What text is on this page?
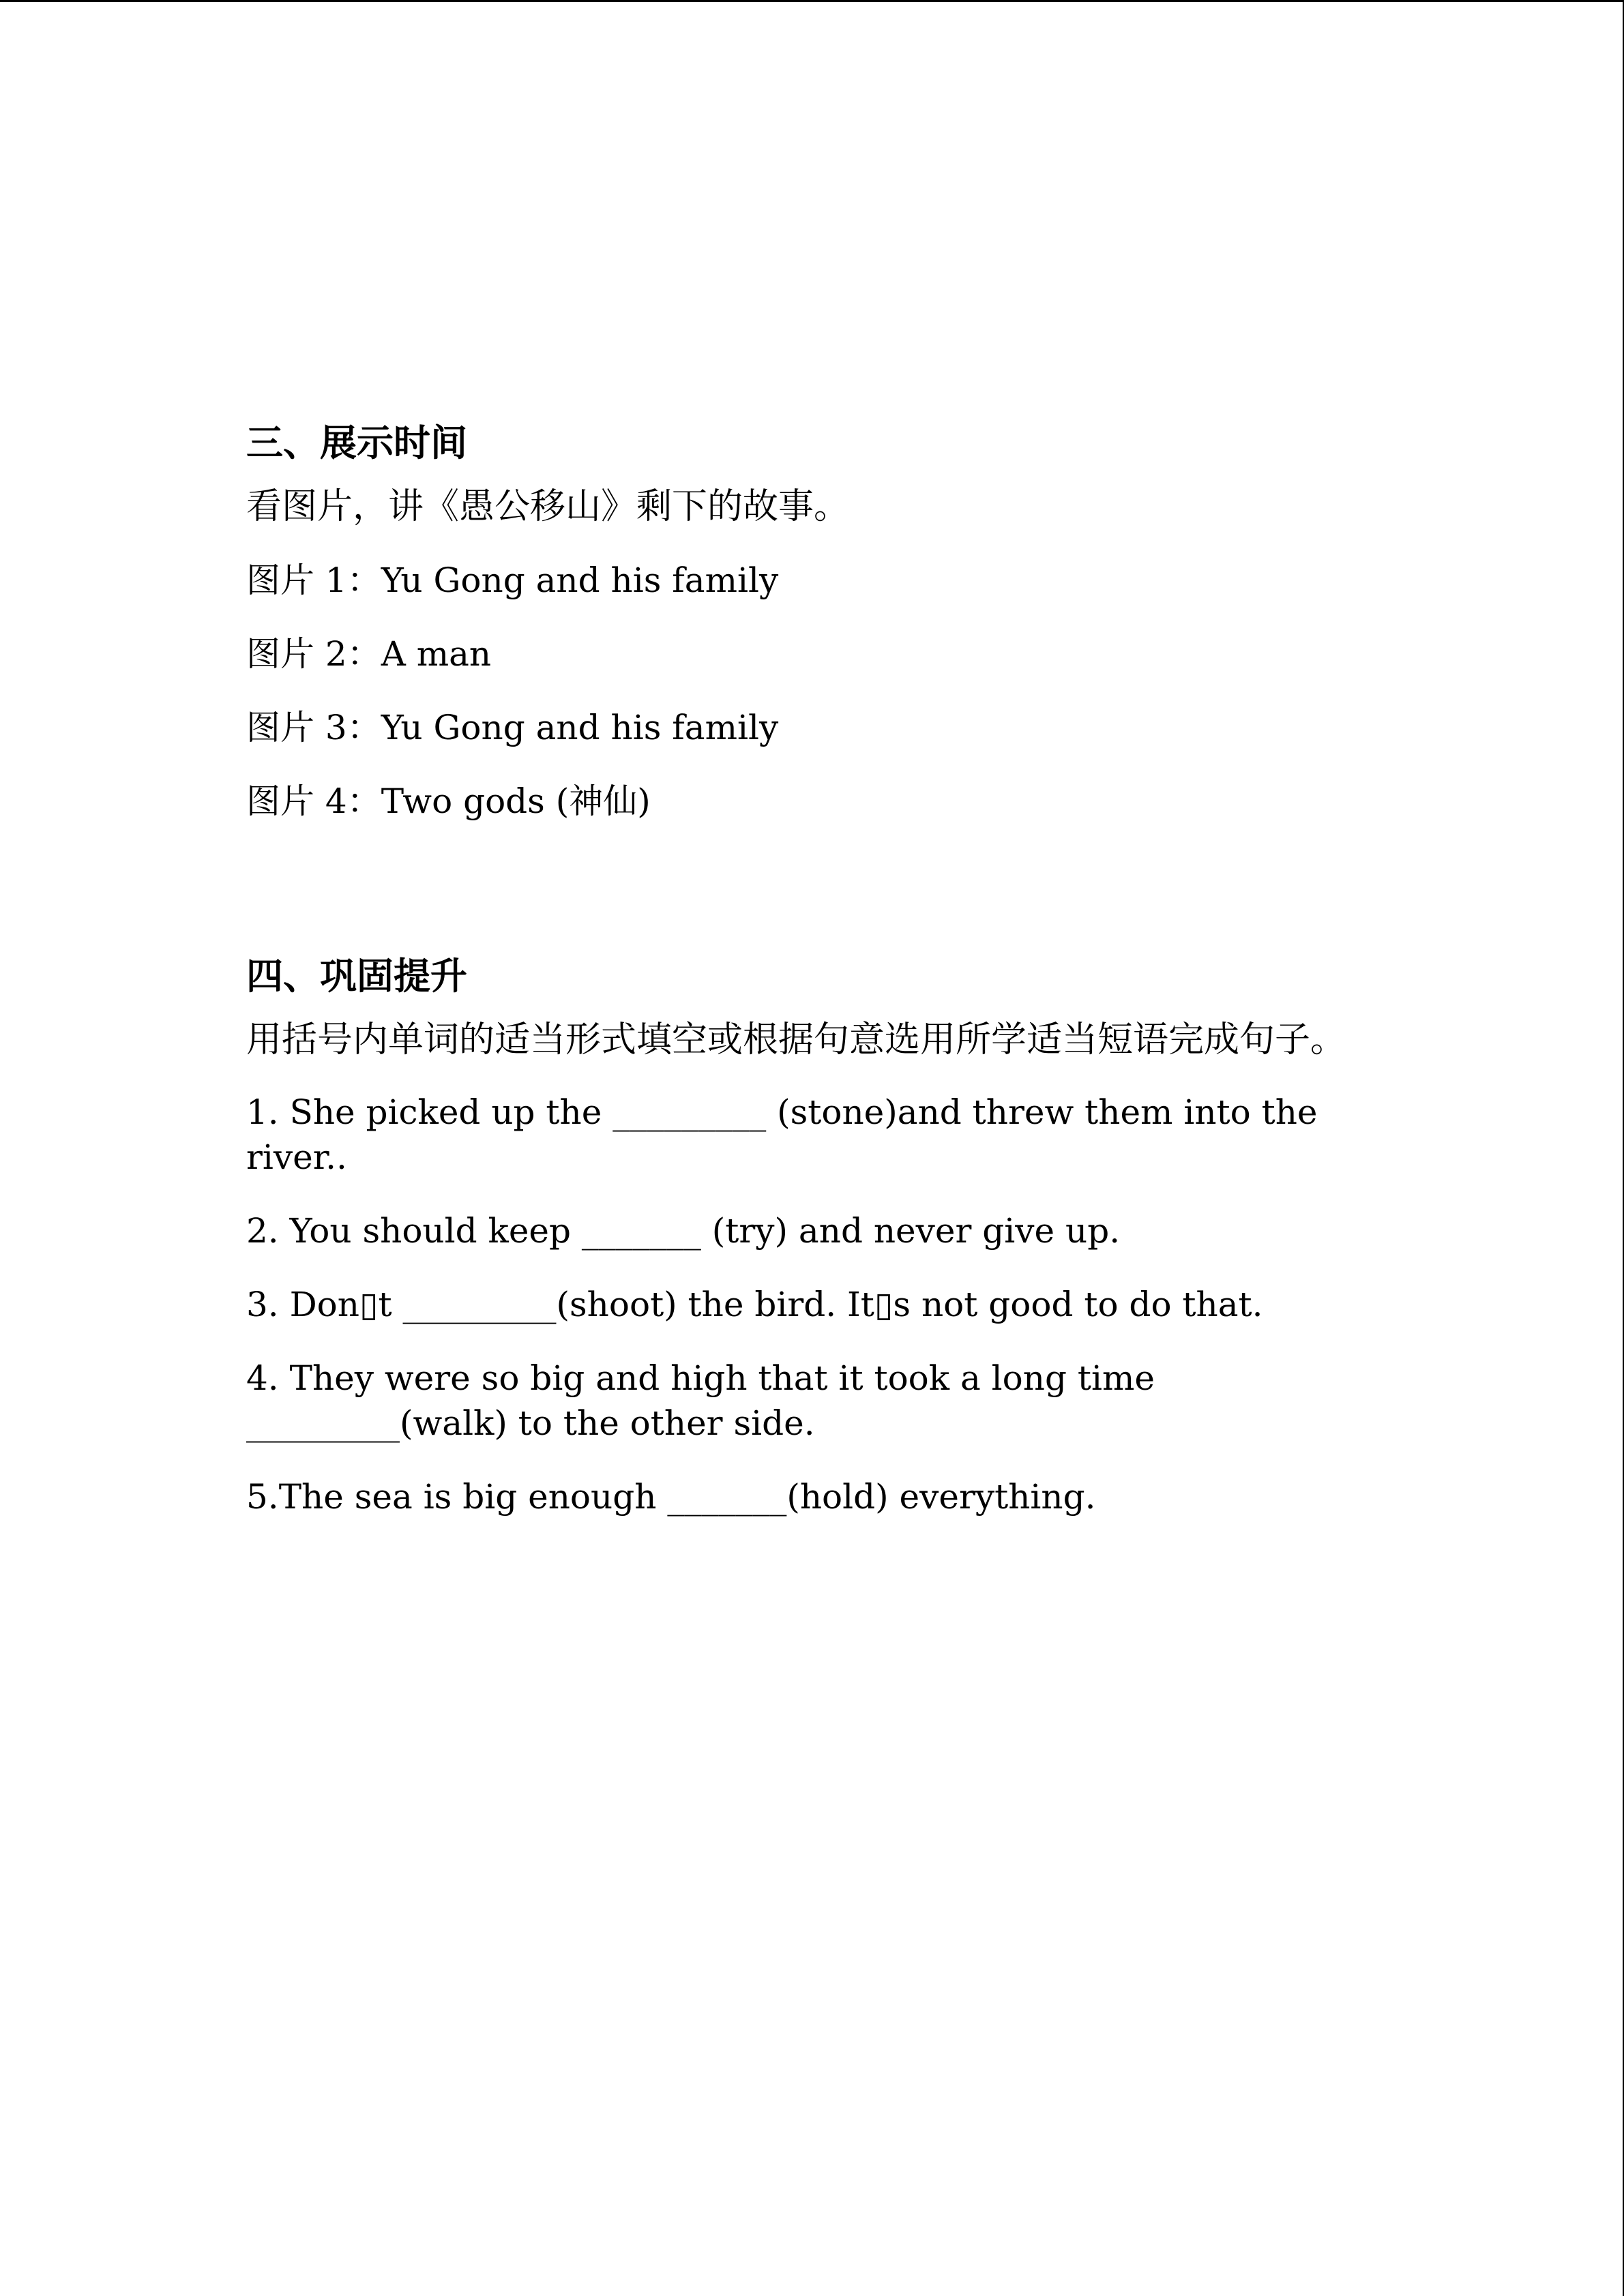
三、展示时间

看图片，讲《愚公移山》剩下的故事。

图片 1：Yu Gong and his family

图片 2：A man

图片 3：Yu Gong and his family

图片 4：Two gods (神仙)

四、巩固提升

用括号内单词的适当形式填空或根据句意选用所学适当短语完成句子。

1. She picked up the _________ (stone)and threw them into the river..

2. You should keep _______ (try) and never give up.

3. Don▯t _________(shoot) the bird. It▯s not good to do that.

4. They were so big and high that it took a long time _________(walk) to the other side.

5.The sea is big enough _______(hold) everything.
